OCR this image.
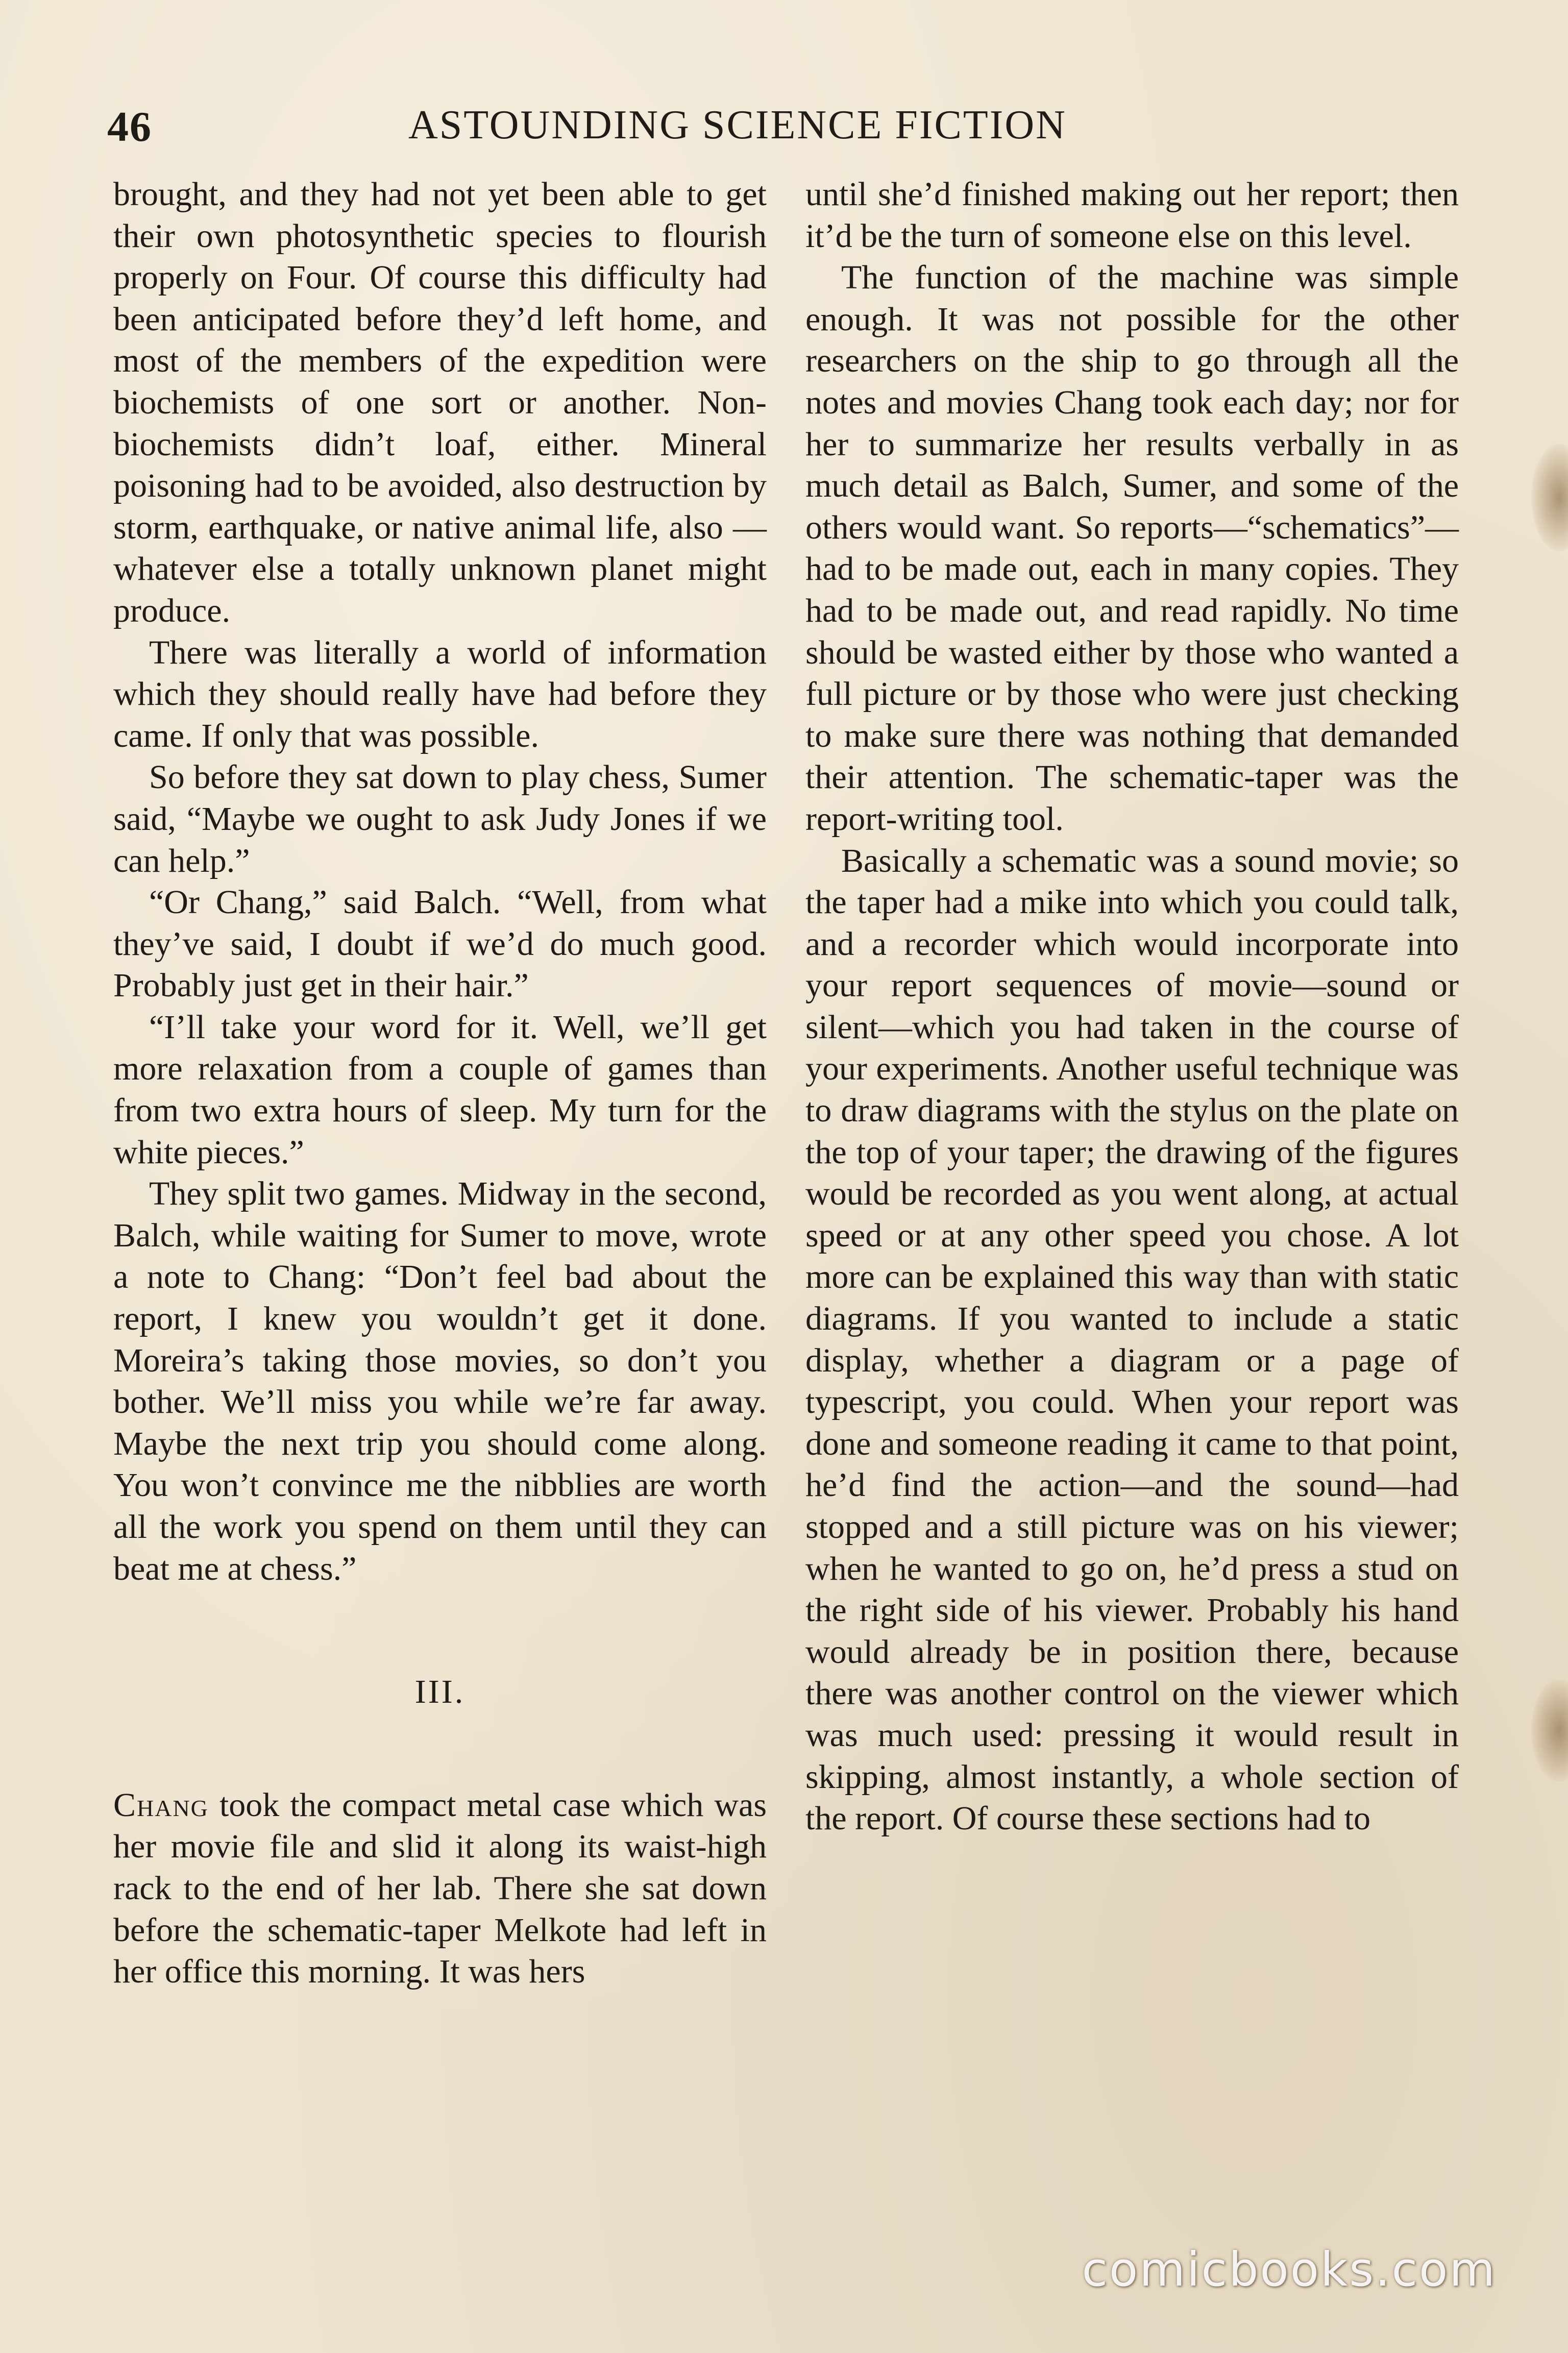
46	ASTOUNDING SCIENCE FICTION

brought, and they had not yet been able to get their own photosynthetic species to flourish properly on Four. Of course this difficulty had been anticipated before they’d left home, and most of the members of the expedition were biochemists of one sort or another. Non-biochemists didn’t loaf, either. Mineral poisoning had to be avoided, also destruction by storm, earthquake, or native animal life, also —whatever else a totally unknown planet might produce.

There was literally a world of information which they should really have had before they came. If only that was possible.

So before they sat down to play chess, Sumer said, “Maybe we ought to ask Judy Jones if we can help.”

“Or Chang,” said Balch. “Well, from what they’ve said, I doubt if we’d do much good. Probably just get in their hair.”

“I’ll take your word for it. Well, we’ll get more relaxation from a couple of games than from two extra hours of sleep. My turn for the white pieces.”

They split two games. Midway in the second, Balch, while waiting for Sumer to move, wrote a note to Chang: “Don’t feel bad about the report, I knew you wouldn’t get it done. Moreira’s taking those movies, so don’t you bother. We’ll miss you while we’re far away. Maybe the next trip you should come along. You won’t convince me the nibblies are worth all the work you spend on them until they can beat me at chess.”

III.

Chang took the compact metal case which was her movie file and slid it along its waist-high rack to the end of her lab. There she sat down before the schematic-taper Melkote had left in her office this morning. It was hers

until she’d finished making out her report; then it’d be the turn of someone else on this level.

The function of the machine was simple enough. It was not possible for the other researchers on the ship to go through all the notes and movies Chang took each day; nor for her to summarize her results verbally in as much detail as Balch, Sumer, and some of the others would want. So reports—“schematics”—had to be made out, each in many copies. They had to be made out, and read rapidly. No time should be wasted either by those who wanted a full picture or by those who were just checking to make sure there was nothing that demanded their attention. The schematic-taper was the report-writing tool.

Basically a schematic was a sound movie; so the taper had a mike into which you could talk, and a recorder which would incorporate into your report sequences of movie—sound or silent—which you had taken in the course of your experiments. Another useful technique was to draw diagrams with the stylus on the plate on the top of your taper; the drawing of the figures would be recorded as you went along, at actual speed or at any other speed you chose. A lot more can be explained this way than with static diagrams. If you wanted to include a static display, whether a diagram or a page of typescript, you could. When your report was done and someone reading it came to that point, he’d find the action—and the sound—had stopped and a still picture was on his viewer; when he wanted to go on, he’d press a stud on the right side of his viewer. Probably his hand would already be in position there, because there was another control on the viewer which was much used: pressing it would result in skipping, almost instantly, a whole section of the report. Of course these sections had to

comicbooks.com
